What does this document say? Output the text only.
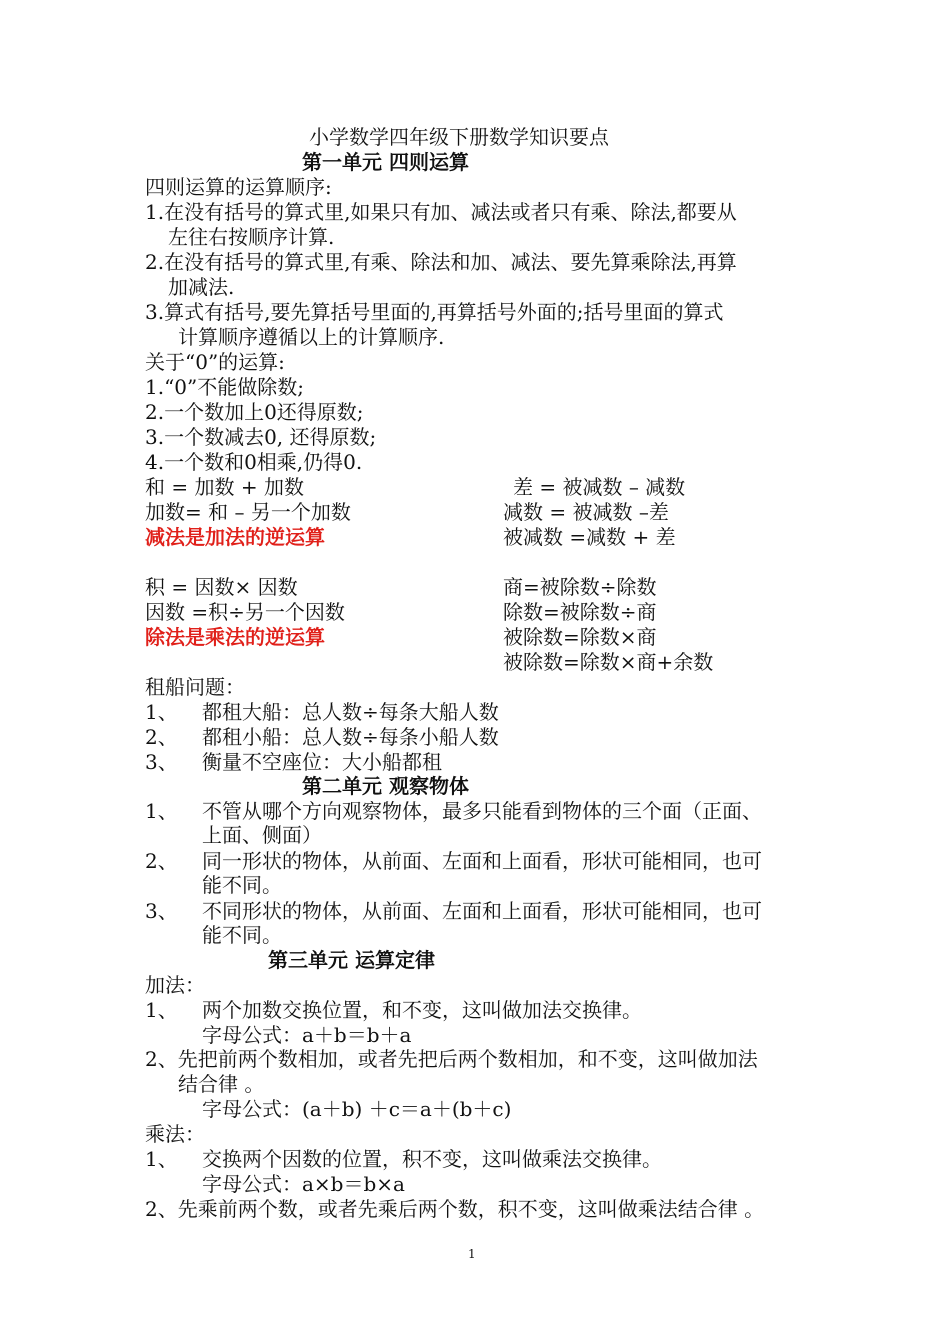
小学数学四年级下册数学知识要点
第一单元 四则运算
四则运算的运算顺序:
1.在没有括号的算式里,如果只有加、减法或者只有乘、除法,都要从
左往右按顺序计算.
2.在没有括号的算式里,有乘、除法和加、减法、要先算乘除法,再算
加减法.
3.算式有括号,要先算括号里面的,再算括号外面的;括号里面的算式
计算顺序遵循以上的计算顺序.
关于“0”的运算:
1.“0”不能做除数;
2.一个数加上0还得原数;
3.一个数减去0, 还得原数;
4.一个数和0相乘,仍得0.
和 = 加数 + 加数	差 = 被减数 – 减数
加数= 和 – 另一个加数	减数 = 被减数 –差
减法是加法的逆运算	被减数 =减数 + 差
积 = 因数× 因数	商=被除数÷除数
因数 =积÷另一个因数	除数=被除数÷商
除法是乘法的逆运算	被除数=除数×商
被除数=除数×商+余数
租船问题：
1、 都租大船：总人数÷每条大船人数
2、 都租小船：总人数÷每条小船人数
3、 衡量不空座位：大小船都租
第二单元 观察物体
1、 不管从哪个方向观察物体，最多只能看到物体的三个面（正面、
上面、侧面）
2、 同一形状的物体，从前面、左面和上面看，形状可能相同，也可
能不同。
3、 不同形状的物体，从前面、左面和上面看，形状可能相同，也可
能不同。
第三单元 运算定律
加法：
1、 两个加数交换位置，和不变，这叫做加法交换律。
字母公式：a＋b＝b＋a
2、先把前两个数相加，或者先把后两个数相加，和不变，这叫做加法
结合律 。
字母公式：(a＋b) ＋c＝a＋(b＋c)
乘法：
1、 交换两个因数的位置，积不变，这叫做乘法交换律。
字母公式：a×b＝b×a
2、先乘前两个数，或者先乘后两个数，积不变，这叫做乘法结合律 。
1
